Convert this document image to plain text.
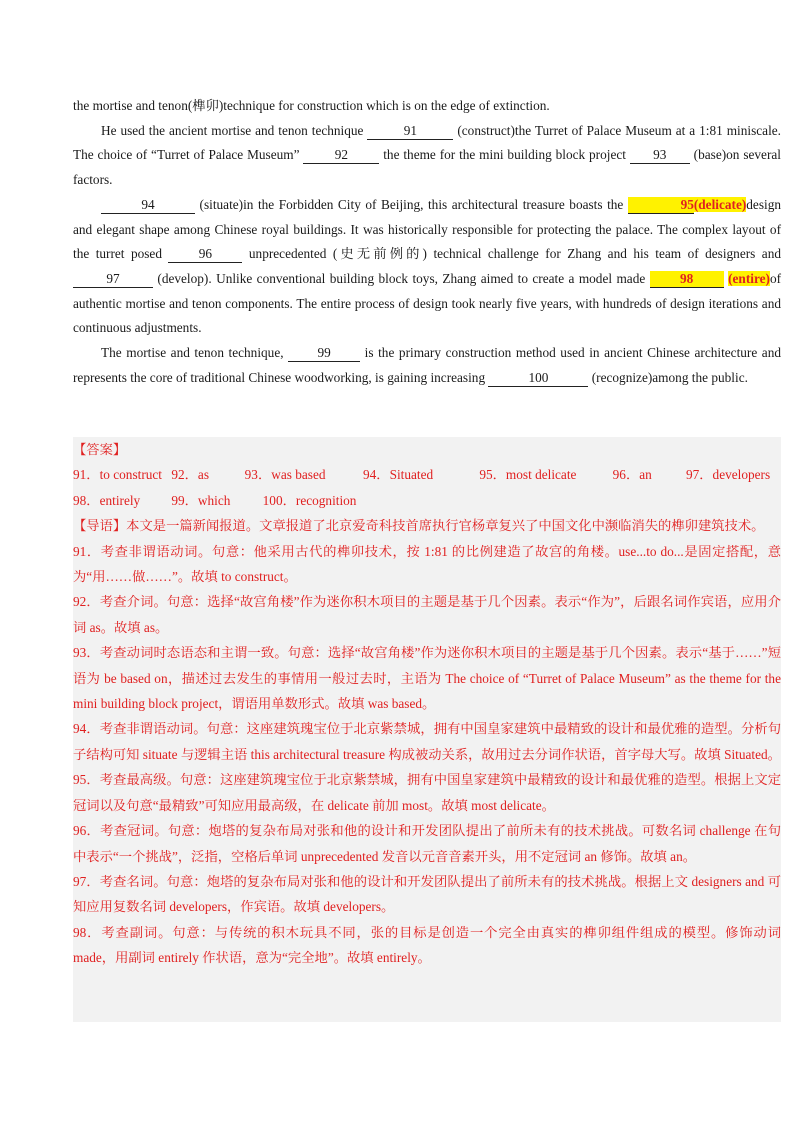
the mortise and tenon(榫卯)technique for construction which is on the edge of extinction.

He used the ancient mortise and tenon technique	91	(construct)the Turret of Palace Museum at a 1:81 miniscale. The choice of “Turret of Palace Museum” 92 the theme for the mini building block project 93 (base)on several factors.

94	(situate)in the Forbidden City of Beijing, this architectural treasure boasts the	95(delicate)design and elegant shape among Chinese royal buildings. It was historically responsible for protecting the palace. The complex layout of the turret posed 96 unprecedented (史无前例的) technical challenge for Zhang and his team of designers and 97	(develop). Unlike conventional building block toys, Zhang aimed to create a model made 98	(entire)of authentic mortise and tenon components. The entire process of design took nearly five years, with hundreds of design iterations and continuous adjustments.

The mortise and tenon technique, 99 is the primary construction method used in ancient Chinese architecture and represents the core of traditional Chinese woodworking, is gaining increasing	100	(recognize)among the public.

【答案】

91．to construct 92．as	93．was based	94．Situated	95．most delicate	96．an	97．developers
98．entirely 99．which 100．recognition

【导语】本文是一篇新闻报道。文章报道了北京爱奇科技首席执行官杨章复兴了中国文化中濒临消失的榫卯建筑技术。

91．考查非谓语动词。句意：他采用古代的榫卯技术，按 1:81 的比例建造了故宫的角楼。use...to do...是固定搭配，意为“用……做……”。故填 to construct。

92．考查介词。句意：选择“故宫角楼”作为迷你积木项目的主题是基于几个因素。表示“作为”，后跟名词作宾语，应用介词 as。故填 as。

93．考查动词时态语态和主谓一致。句意：选择“故宫角楼”作为迷你积木项目的主题是基于几个因素。表示“基于……”短语为 be based on，描述过去发生的事情用一般过去时，主语为 The choice of “Turret of Palace Museum” as the theme for the mini building block project，谓语用单数形式。故填 was based。

94．考查非谓语动词。句意：这座建筑瑰宝位于北京紫禁城，拥有中国皇家建筑中最精致的设计和最优雅的造型。分析句子结构可知 situate 与逻辑主语 this architectural treasure 构成被动关系，故用过去分词作状语，首字母大写。故填 Situated。

95．考查最高级。句意：这座建筑瑰宝位于北京紫禁城，拥有中国皇家建筑中最精致的设计和最优雅的造型。根据上文定冠词以及句意“最精致”可知应用最高级，在 delicate 前加 most。故填 most delicate。

96．考查冠词。句意：炮塔的复杂布局对张和他的设计和开发团队提出了前所未有的技术挑战。可数名词 challenge 在句中表示“一个挑战”，泛指，空格后单词 unprecedented 发音以元音音素开头，用不定冠词 an 修饰。故填 an。

97．考查名词。句意：炮塔的复杂布局对张和他的设计和开发团队提出了前所未有的技术挑战。根据上文 designers and 可知应用复数名词 developers，作宾语。故填 developers。

98．考查副词。句意：与传统的积木玩具不同，张的目标是创造一个完全由真实的榫卯组件组成的模型。修饰动词 made，用副词 entirely 作状语，意为“完全地”。故填 entirely。
